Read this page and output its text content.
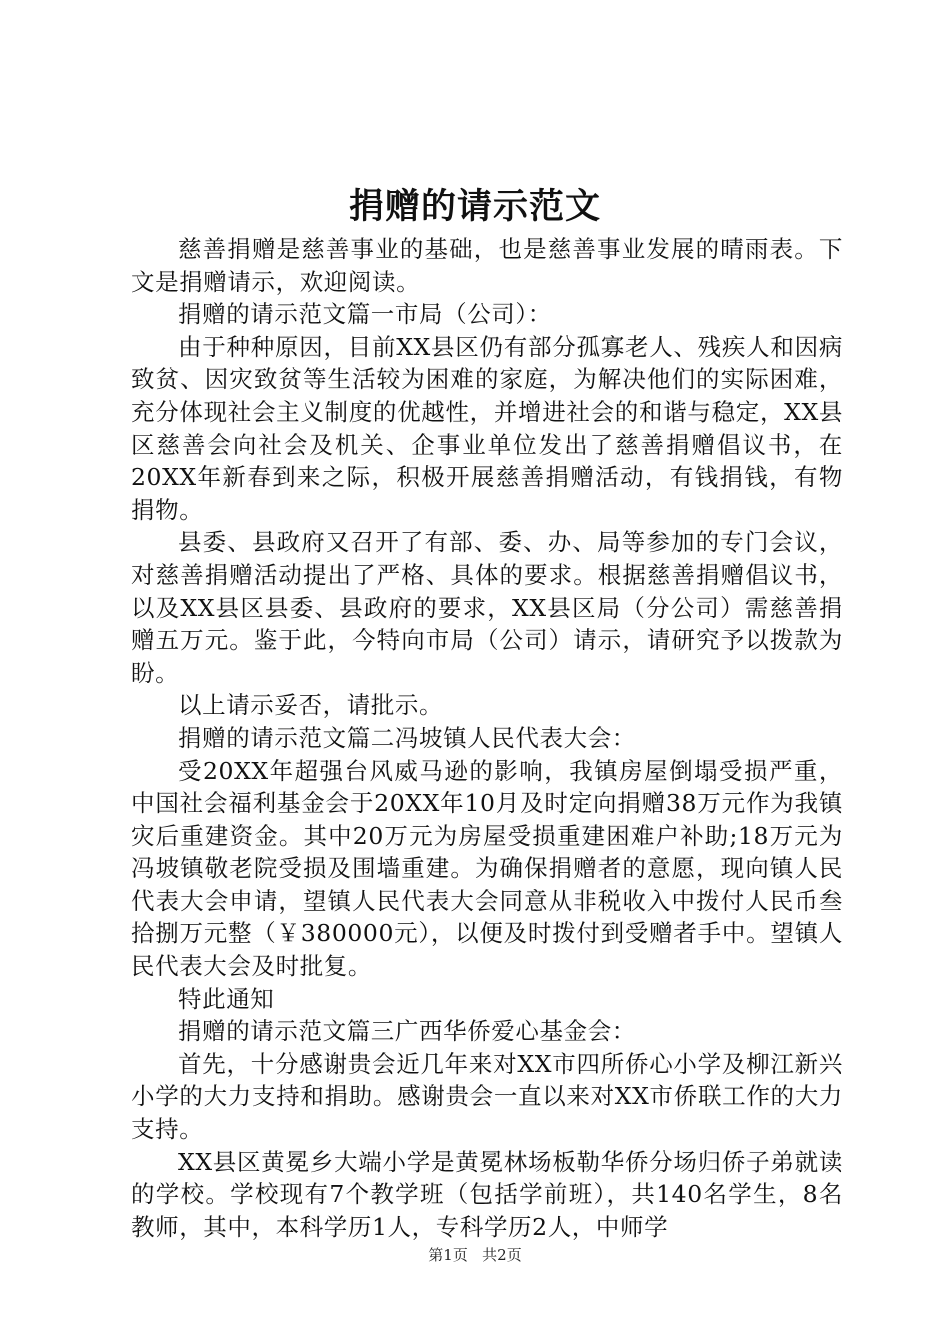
捐赠的请示范文

慈善捐赠是慈善事业的基础，也是慈善事业发展的晴雨表。下文是捐赠请示，欢迎阅读。

捐赠的请示范文篇一市局（公司）：

由于种种原因，目前XX县区仍有部分孤寡老人、残疾人和因病致贫、因灾致贫等生活较为困难的家庭，为解决他们的实际困难，充分体现社会主义制度的优越性，并增进社会的和谐与稳定，XX县区慈善会向社会及机关、企事业单位发出了慈善捐赠倡议书，在20XX年新春到来之际，积极开展慈善捐赠活动，有钱捐钱，有物捐物。

县委、县政府又召开了有部、委、办、局等参加的专门会议，对慈善捐赠活动提出了严格、具体的要求。根据慈善捐赠倡议书，以及XX县区县委、县政府的要求，XX县区局（分公司）需慈善捐赠五万元。鉴于此，今特向市局（公司）请示，请研究予以拨款为盼。

以上请示妥否，请批示。

捐赠的请示范文篇二冯坡镇人民代表大会：

受20XX年超强台风威马逊的影响，我镇房屋倒塌受损严重，中国社会福利基金会于20XX年10月及时定向捐赠38万元作为我镇灾后重建资金。其中20万元为房屋受损重建困难户补助;18万元为冯坡镇敬老院受损及围墙重建。为确保捐赠者的意愿，现向镇人民代表大会申请，望镇人民代表大会同意从非税收入中拨付人民币叁拾捌万元整（￥380000元），以便及时拨付到受赠者手中。望镇人民代表大会及时批复。

特此通知

捐赠的请示范文篇三广西华侨爱心基金会：

首先，十分感谢贵会近几年来对XX市四所侨心小学及柳江新兴小学的大力支持和捐助。感谢贵会一直以来对XX市侨联工作的大力支持。

XX县区黄冕乡大端小学是黄冕林场板勒华侨分场归侨子弟就读的学校。学校现有7个教学班（包括学前班），共140名学生，8名教师，其中，本科学历1人，专科学历2人，中师学

第1页 共2页
